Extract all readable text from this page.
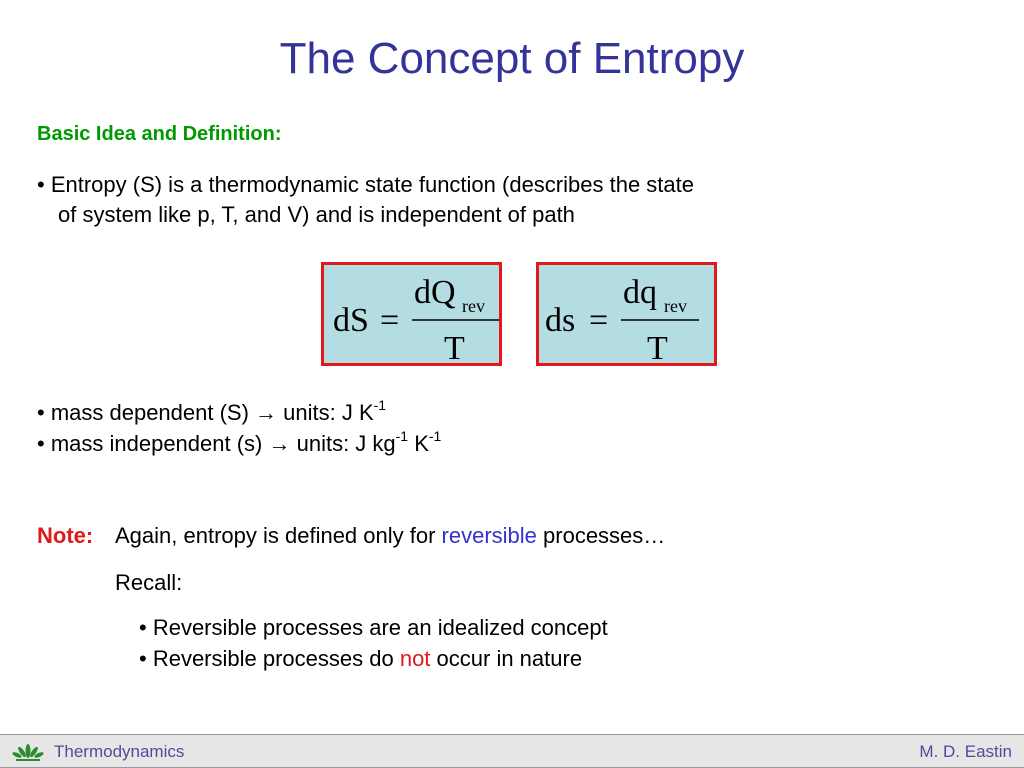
The Concept of Entropy
Basic Idea and Definition:
• Entropy (S) is a thermodynamic state function (describes the state
of system like p, T, and V) and is independent of path
dS =
dQ rev
T
ds =
dq rev
T
• mass dependent (S) → units: J $K^{-1}$
• mass independent (s) → units: J $kg^{-1}$ $K^{-1}$
Note: Again, entropy is defined only for reversible processes…
Recall:
• Reversible processes are an idealized concept
• Reversible processes do not occur in nature
Thermodynamics	M. D. Eastin
